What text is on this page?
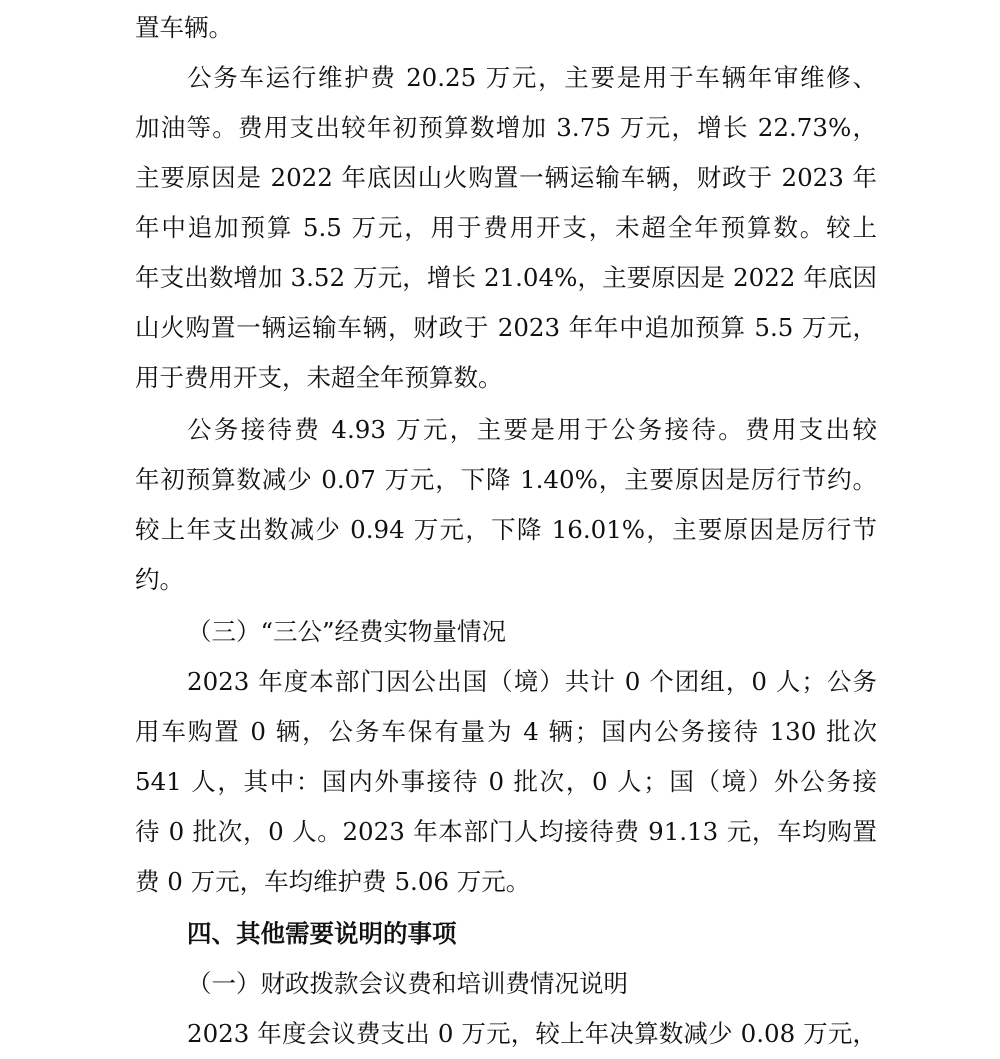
置车辆。
公务车运行维护费 20.25 万元，主要是用于车辆年审维修、
加油等。费用支出较年初预算数增加 3.75 万元，增长 22.73%，
主要原因是 2022 年底因山火购置一辆运输车辆，财政于 2023 年
年中追加预算 5.5 万元，用于费用开支，未超全年预算数。较上
年支出数增加 3.52 万元，增长 21.04%，主要原因是 2022 年底因
山火购置一辆运输车辆，财政于 2023 年年中追加预算 5.5 万元，
用于费用开支，未超全年预算数。
公务接待费 4.93 万元，主要是用于公务接待。费用支出较
年初预算数减少 0.07 万元，下降 1.40%，主要原因是厉行节约。
较上年支出数减少 0.94 万元，下降 16.01%，主要原因是厉行节
约。
（三）“三公”经费实物量情况
2023 年度本部门因公出国（境）共计 0 个团组，0 人；公务
用车购置 0 辆，公务车保有量为 4 辆；国内公务接待 130 批次
541 人，其中：国内外事接待 0 批次，0 人；国（境）外公务接
待 0 批次，0 人。2023 年本部门人均接待费 91.13 元，车均购置
费 0 万元，车均维护费 5.06 万元。
四、其他需要说明的事项
（一）财政拨款会议费和培训费情况说明
2023 年度会议费支出 0 万元，较上年决算数减少 0.08 万元，
